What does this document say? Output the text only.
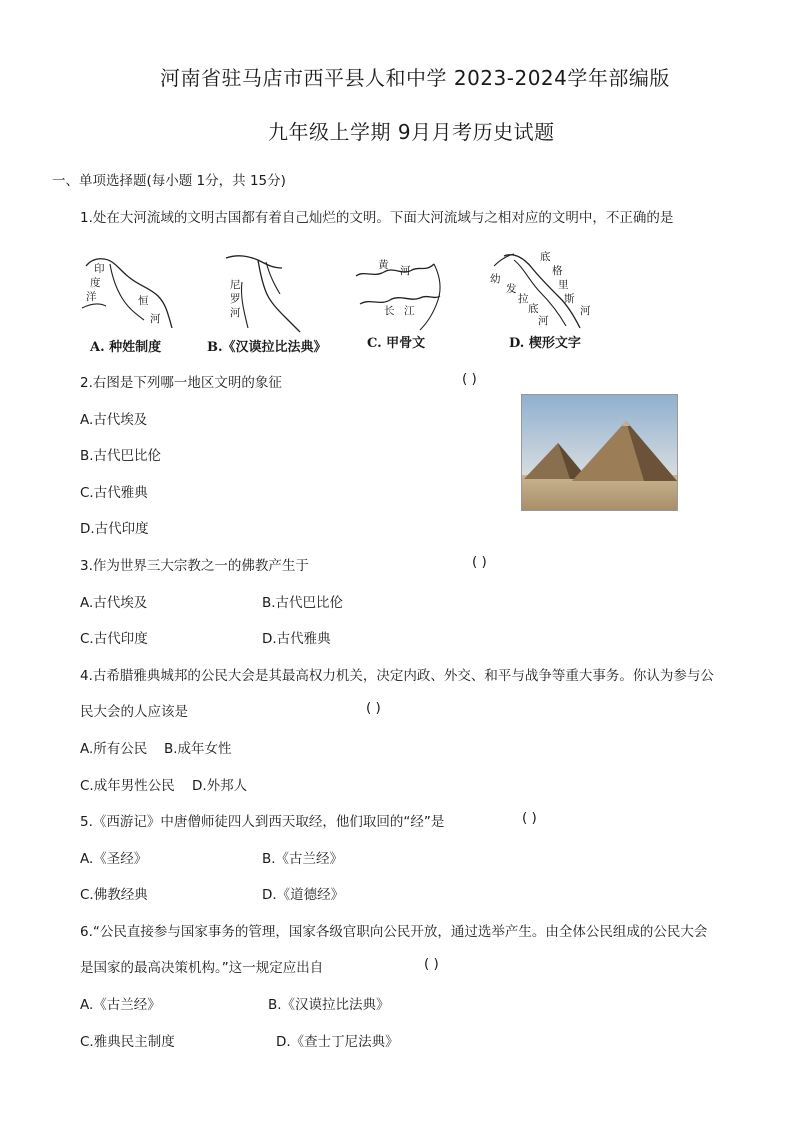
河南省驻马店市西平县人和中学 2023-2024学年部编版
九年级上学期 9月月考历史试题
一、单项选择题(每小题 1分，共 15分)
1.处在大河流域的文明古国都有着自己灿烂的文明。下面大河流域与之相对应的文明中，不正确的是
印
度
洋	恒
河
A. 种姓制度
尼
罗
河
B.《汉谟拉比法典》
黄 河
长 江
C. 甲骨文
底
格
里
斯
河
幼
发
拉
底
河
D. 楔形文字
2.右图是下列哪一地区文明的象征	( )
A.古代埃及
B.古代巴比伦
C.古代雅典
D.古代印度
3.作为世界三大宗教之一的佛教产生于	( )
A.古代埃及	B.古代巴比伦
C.古代印度	D.古代雅典
4.古希腊雅典城邦的公民大会是其最高权力机关，决定内政、外交、和平与战争等重大事务。你认为参与公
民大会的人应该是	( )
A.所有公民 B.成年女性
C.成年男性公民 D.外邦人
5.《西游记》中唐僧师徒四人到西天取经，他们取回的“经”是	( )
A.《圣经》	B.《古兰经》
C.佛教经典	D.《道德经》
6.“公民直接参与国家事务的管理，国家各级官职向公民开放，通过选举产生。由全体公民组成的公民大会
是国家的最高决策机构。”这一规定应出自	( )
A.《古兰经》	B.《汉谟拉比法典》
C.雅典民主制度	D.《查士丁尼法典》
